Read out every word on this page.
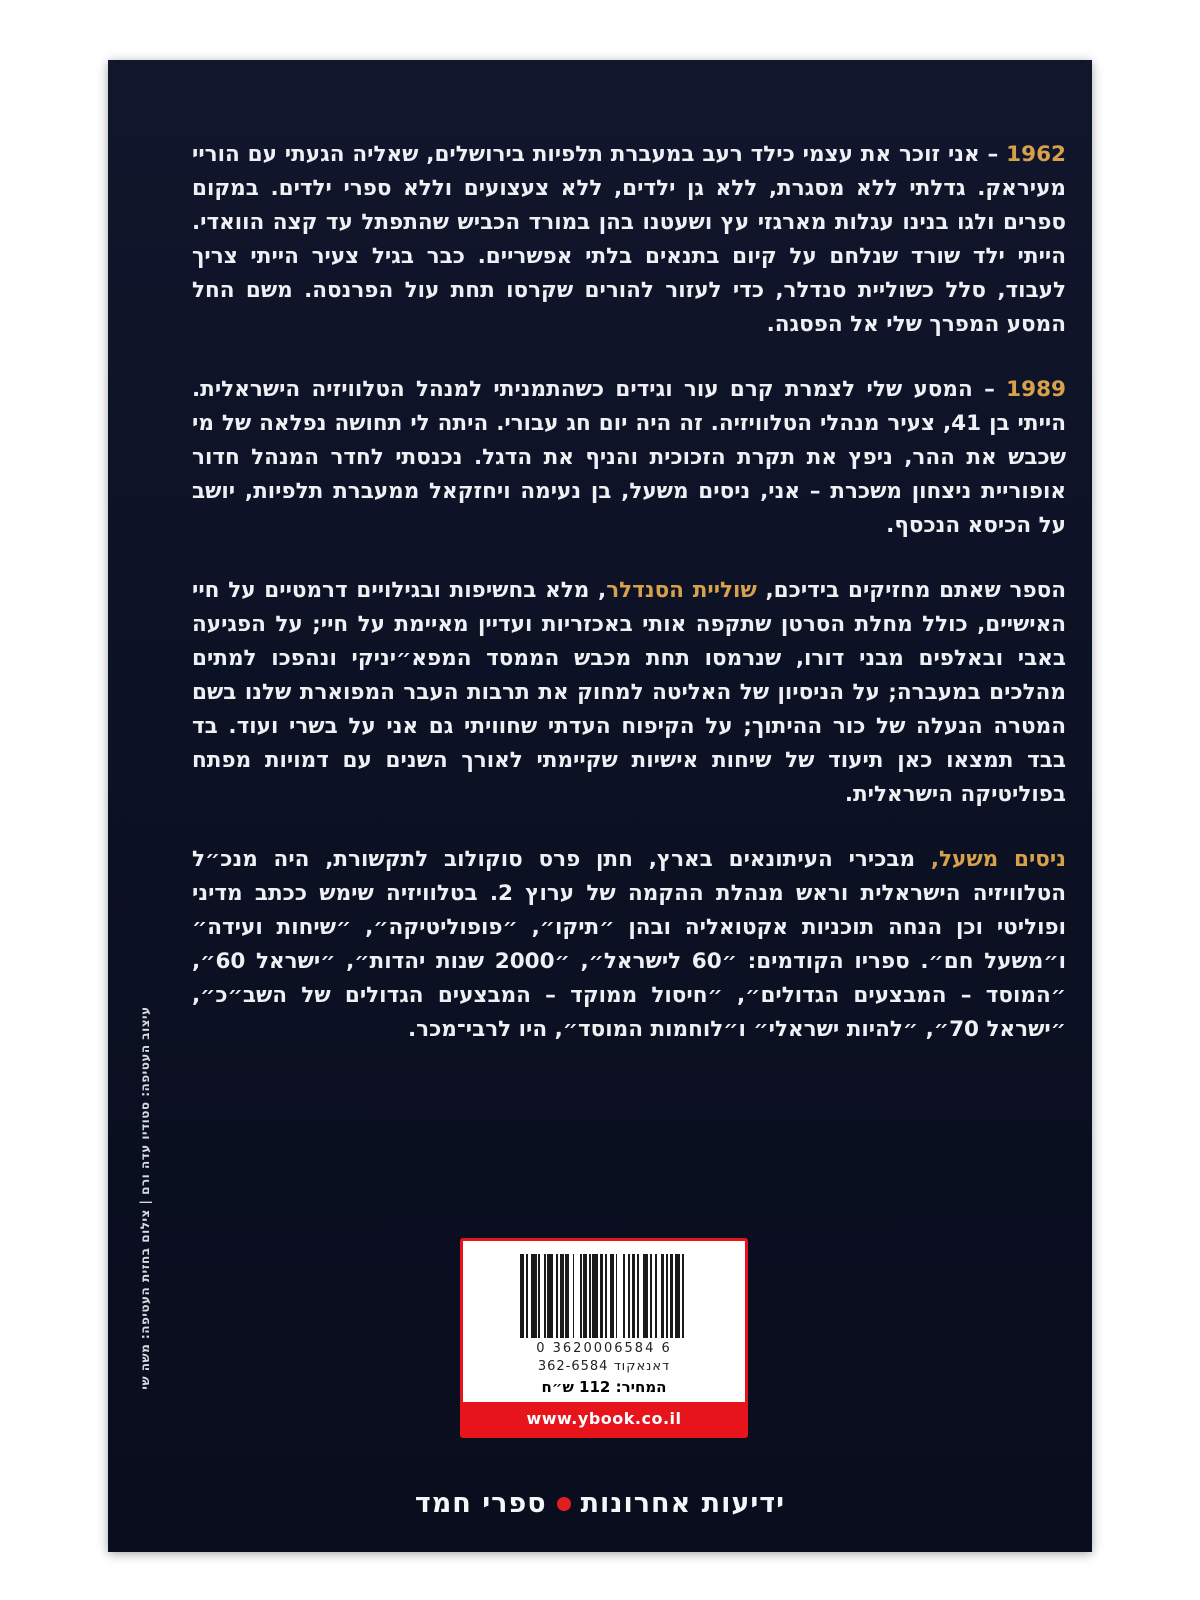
1962 – אני זוכר את עצמי כילד רעב במעברת תלפיות בירושלים, שאליה הגעתי עם הוריי מעיראק. גדלתי ללא מסגרת, ללא גן ילדים, ללא צעצועים וללא ספרי ילדים. במקום ספרים ולגו בנינו עגלות מארגזי עץ ושעטנו בהן במורד הכביש שהתפתל עד קצה הוואדי. הייתי ילד שורד שנלחם על קיום בתנאים בלתי אפשריים. כבר בגיל צעיר הייתי צריך לעבוד, סלל כשוליית סנדלר, כדי לעזור להורים שקרסו תחת עול הפרנסה. משם החל המסע המפרך שלי אל הפסגה.

1989 – המסע שלי לצמרת קרם עור וגידים כשהתמניתי למנהל הטלוויזיה הישראלית. הייתי בן 41, צעיר מנהלי הטלוויזיה. זה היה יום חג עבורי. היתה לי תחושה נפלאה של מי שכבש את ההר, ניפץ את תקרת הזכוכית והניף את הדגל. נכנסתי לחדר המנהל חדור אופוריית ניצחון משכרת – אני, ניסים משעל, בן נעימה ויחזקאל ממעברת תלפיות, יושב על הכיסא הנכסף.

הספר שאתם מחזיקים בידיכם, שוליית הסנדלר, מלא בחשיפות ובגילויים דרמטיים על חיי האישיים, כולל מחלת הסרטן שתקפה אותי באכזריות ועדיין מאיימת על חיי; על הפגיעה באבי ובאלפים מבני דורו, שנרמסו תחת מכבש הממסד המפא״יניקי ונהפכו למתים מהלכים במעברה; על הניסיון של האליטה למחוק את תרבות העבר המפוארת שלנו בשם המטרה הנעלה של כור ההיתוך; על הקיפוח העדתי שחוויתי גם אני על בשרי ועוד. בד בבד תמצאו כאן תיעוד של שיחות אישיות שקיימתי לאורך השנים עם דמויות מפתח בפוליטיקה הישראלית.

ניסים משעל, מבכירי העיתונאים בארץ, חתן פרס סוקולוב לתקשורת, היה מנכ״ל הטלוויזיה הישראלית וראש מנהלת ההקמה של ערוץ 2. בטלוויזיה שימש ככתב מדיני ופוליטי וכן הנחה תוכניות אקטואליה ובהן ״תיקו״, ״פופוליטיקה״, ״שיחות ועידה״ ו״משעל חם״. ספריו הקודמים: ״60 לישראל״, ״2000 שנות יהדות״, ״ישראל 60״, ״המוסד – המבצעים הגדולים״, ״חיסול ממוקד – המבצעים הגדולים של השב״כ״, ״ישראל 70״, ״להיות ישראלי״ ו״לוחמות המוסד״, היו לרבי־מכר.

עיצוב העטיפה: סטודיו עדה ורם | צילום בחזית העטיפה: משה שי	0 3620006584 6
דאנאקוד 362-6584
המחיר: 112 ש״ח
www.ybook.co.il
ידיעות אחרונותספרי חמד
